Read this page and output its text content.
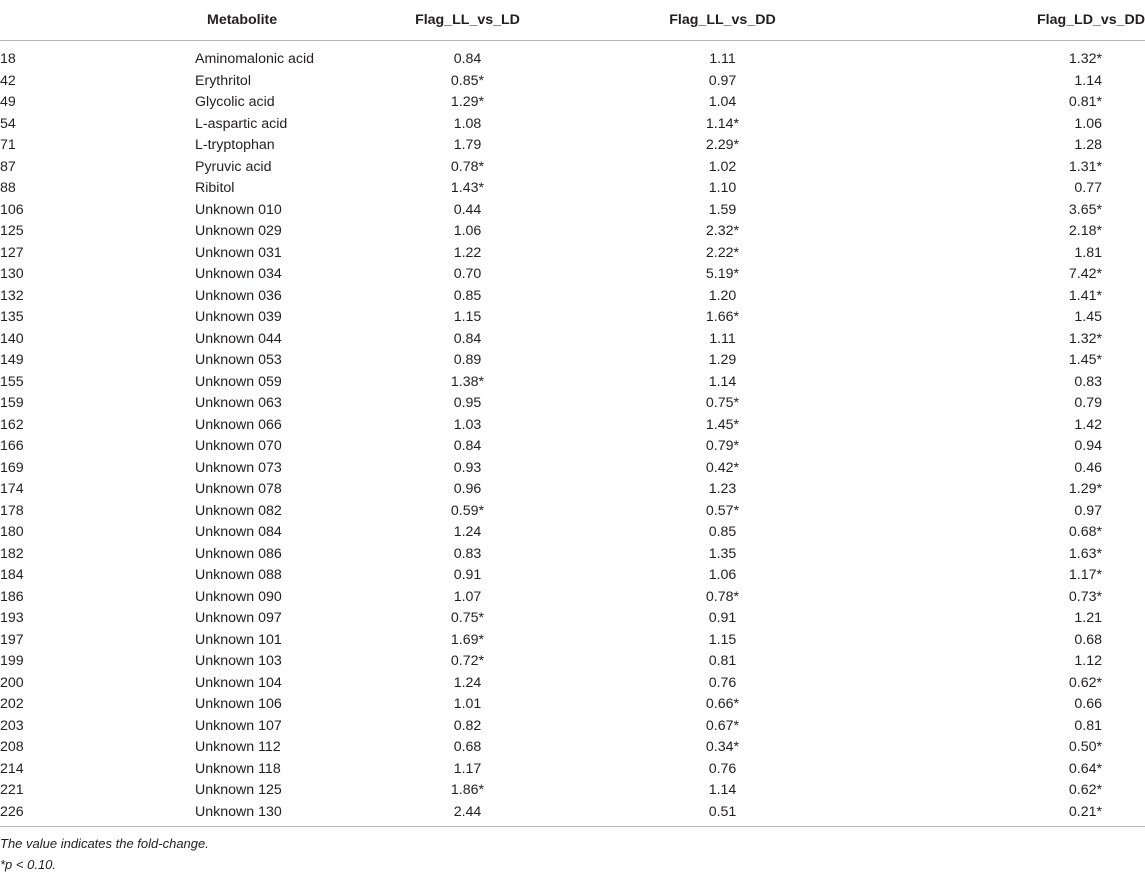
	Metabolite	Flag_LL_vs_LD	Flag_LL_vs_DD	Flag_LD_vs_DD
18	Aminomalonic acid	0.84	1.11	1.32*
42	Erythritol	0.85*	0.97	1.14
49	Glycolic acid	1.29*	1.04	0.81*
54	L-aspartic acid	1.08	1.14*	1.06
71	L-tryptophan	1.79	2.29*	1.28
87	Pyruvic acid	0.78*	1.02	1.31*
88	Ribitol	1.43*	1.10	0.77
106	Unknown 010	0.44	1.59	3.65*
125	Unknown 029	1.06	2.32*	2.18*
127	Unknown 031	1.22	2.22*	1.81
130	Unknown 034	0.70	5.19*	7.42*
132	Unknown 036	0.85	1.20	1.41*
135	Unknown 039	1.15	1.66*	1.45
140	Unknown 044	0.84	1.11	1.32*
149	Unknown 053	0.89	1.29	1.45*
155	Unknown 059	1.38*	1.14	0.83
159	Unknown 063	0.95	0.75*	0.79
162	Unknown 066	1.03	1.45*	1.42
166	Unknown 070	0.84	0.79*	0.94
169	Unknown 073	0.93	0.42*	0.46
174	Unknown 078	0.96	1.23	1.29*
178	Unknown 082	0.59*	0.57*	0.97
180	Unknown 084	1.24	0.85	0.68*
182	Unknown 086	0.83	1.35	1.63*
184	Unknown 088	0.91	1.06	1.17*
186	Unknown 090	1.07	0.78*	0.73*
193	Unknown 097	0.75*	0.91	1.21
197	Unknown 101	1.69*	1.15	0.68
199	Unknown 103	0.72*	0.81	1.12
200	Unknown 104	1.24	0.76	0.62*
202	Unknown 106	1.01	0.66*	0.66
203	Unknown 107	0.82	0.67*	0.81
208	Unknown 112	0.68	0.34*	0.50*
214	Unknown 118	1.17	0.76	0.64*
221	Unknown 125	1.86*	1.14	0.62*
226	Unknown 130	2.44	0.51	0.21*
The value indicates the fold-change.
*p < 0.10.
